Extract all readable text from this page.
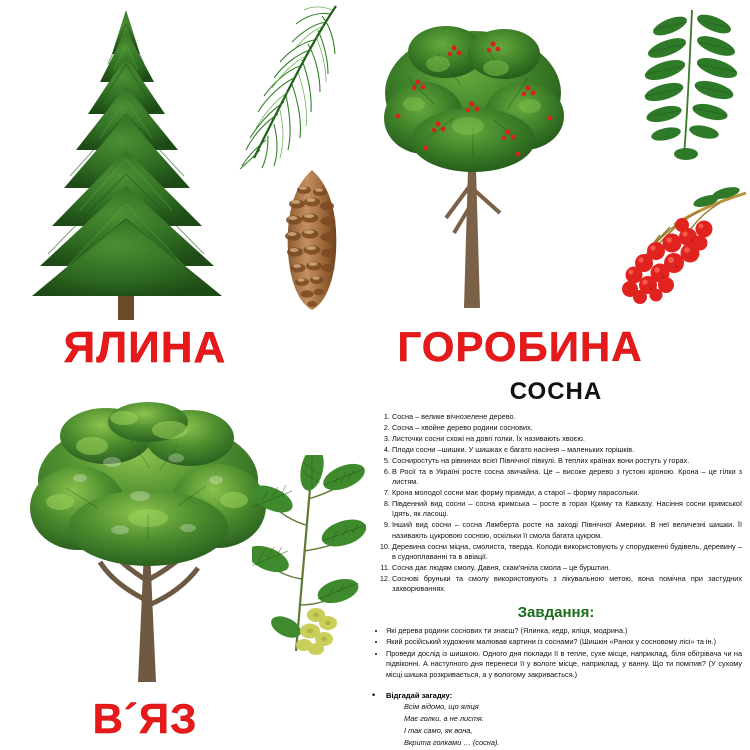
ЯЛИНА	ГОРОБИНА
В´ЯЗ
СОСНА
1. Сосна – велике вічнозелене дерево.
2. Сосна – хвойне дерево родини соснових.
3. Листочки сосни схожі на довгі голки. Їх називають хвоєю.
4. Плоди сосни –шишки. У шишках є багато насіння – маленьких горішків.
5. Сосниростуть на рівнинах всієї Північної півкулі. В теплих країнах вони ростуть у горах.
6. В Росії та в Україні росте сосна звичайна. Це – високе дерево з густою кроною. Крона – це гілки з листям.
7. Крона молодої сосни має форму піраміди, а старої – форму парасольки.
8. Південний вид сосни – сосна кримська – росте в горах Криму та Кавказу. Насіння сосни кримської їдять, як ласощі.
9. Інший вид сосни – сосна Ламберта росте на заході Північної Америки. В неї величезні шишки. Її називають цукровою сосною, оскільки її смола багата цукром.
10. Деревина сосни міцна, смолиста, тверда. Колоди використовують у спорудженні будівель, деревину – в судноплаванні та в авіації.
11. Сосна дає людям смолу. Давня, скам'яніла смола – це бурштин.
12. Соснові бруньки та смолу використовують з лікувальною метою, вона помічна при застудних захворюваннях.
Завдання:
• Які дерева родини соснових ти знаєш? (Ялинка, кедр, яліця, модрина.)
• Який російський художник малював картини із соснами? (Шишкін «Ранок у сосновому лісі» та ін.)
• Проведи дослід із шишкою. Одного дня поклади її в тепле, сухе місце, наприклад, біля обігрівача чи на підвіконні. А наступного дня перенеси її у вологе місце, наприклад, у ванну. Що ти помітив? (У сухому місці шишка розкривається, а у вологому закривається.)
• Відгадай загадку:
Всім відомо, що яліця
Має голки, а не листя.
І так само, як вона,
Вкрита голками … (сосна).
